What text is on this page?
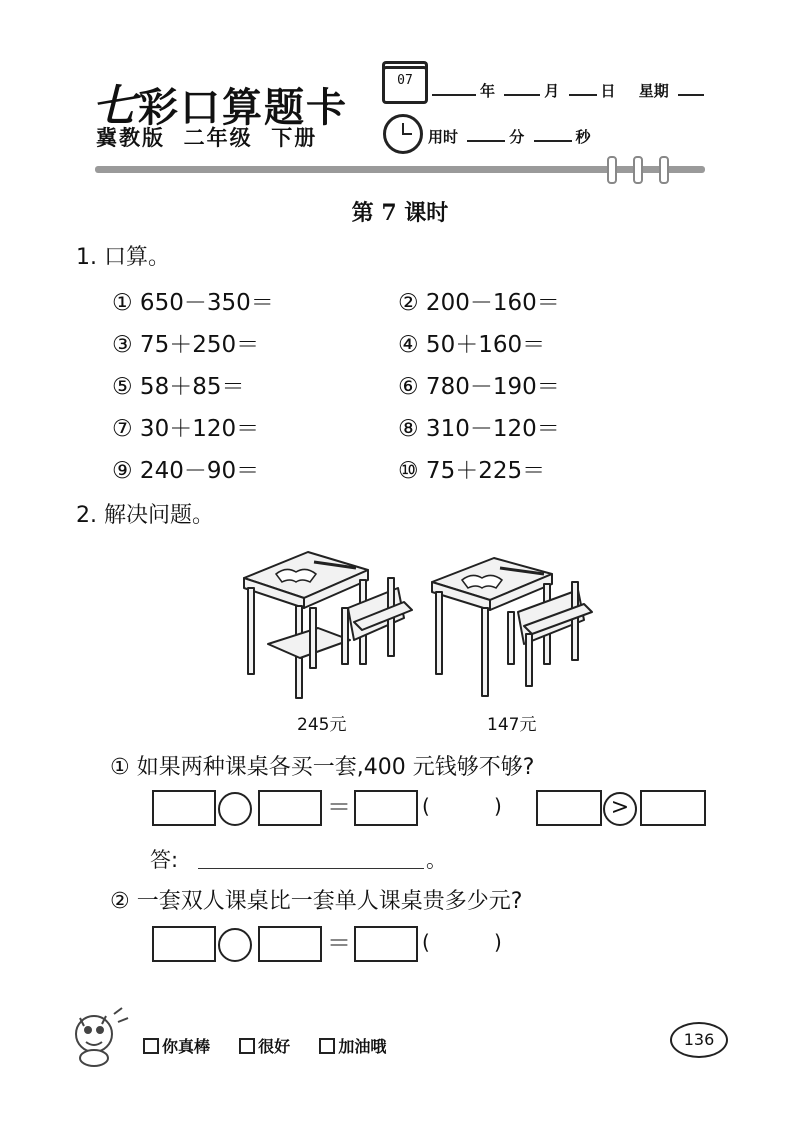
七彩口算题卡
冀教版  二年级  下册
07
年	月	日 星期
用时	分	秒
第 7 课时
1. 口算。
① 650－350＝	② 200－160＝
③ 75＋250＝	④ 50＋160＝
⑤ 58＋85＝	⑥ 780－190＝
⑦ 30＋120＝	⑧ 310－120＝
⑨ 240－90＝	⑩ 75＋225＝
2. 解决问题。
245元	147元
① 如果两种课桌各买一套,400 元钱够不够?
＝	(	)	>
答:	。
② 一套双人课桌比一套单人课桌贵多少元?
＝	(	)
你真棒	很好	加油哦	136
